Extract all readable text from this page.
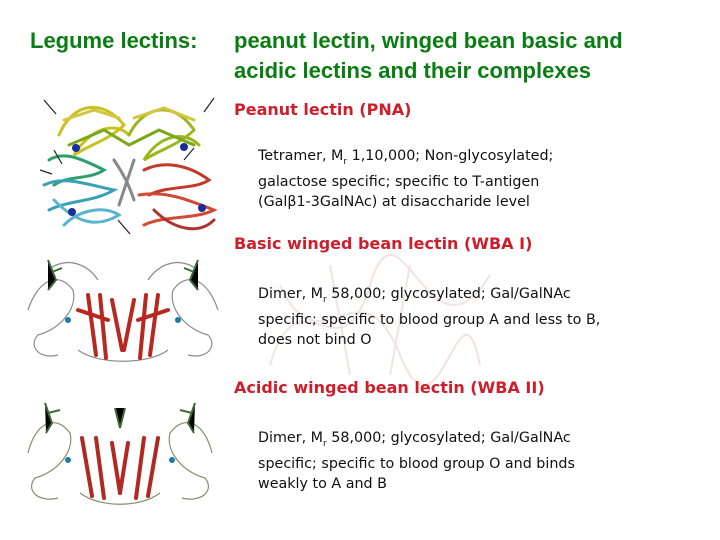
Legume lectins: peanut lectin, winged bean basic and
acidic lectins and their complexes
Peanut lectin (PNA)
Tetramer, $M_r$ 1,10,000; Non-glycosylated;
galactose specific; specific to T-antigen
(Galβ1-3GalNAc) at disaccharide level
Basic winged bean lectin (WBA I)
Dimer, $M_r$ 58,000; glycosylated; Gal/GalNAc
specific; specific to blood group A and less to B,
does not bind O
Acidic winged bean lectin (WBA II)
Dimer, $M_r$ 58,000; glycosylated; Gal/GalNAc
specific; specific to blood group O and binds
weakly to A and B
